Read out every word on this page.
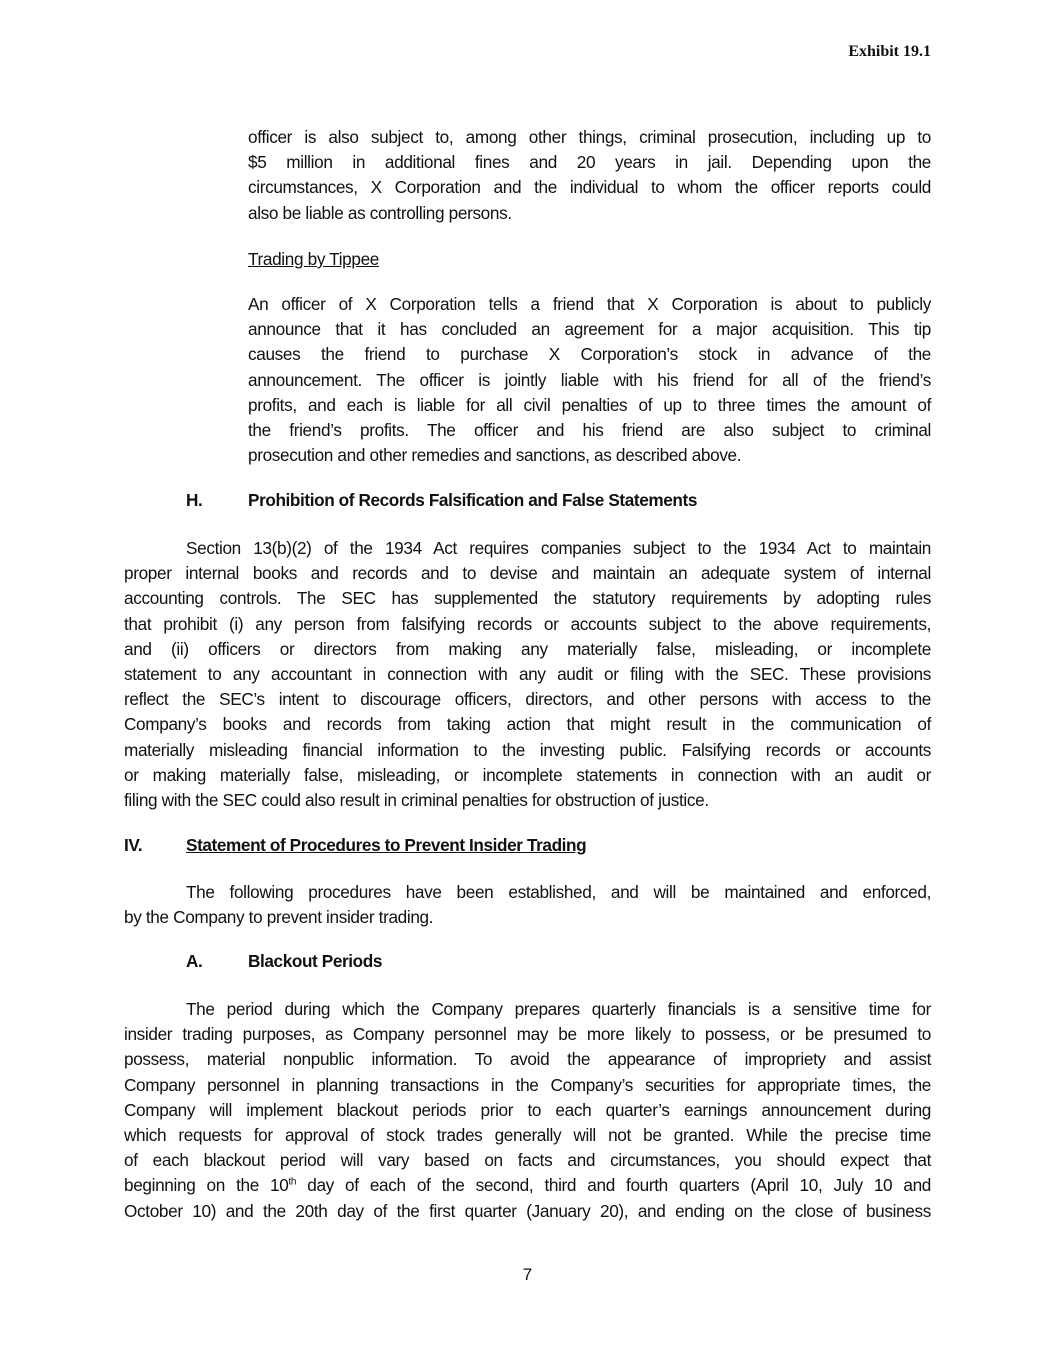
Exhibit 19.1
officer is also subject to, among other things, criminal prosecution, including up to
$5 million in additional fines and 20 years in jail. Depending upon the
circumstances, X Corporation and the individual to whom the officer reports could
also be liable as controlling persons.
Trading by Tippee
An officer of X Corporation tells a friend that X Corporation is about to publicly
announce that it has concluded an agreement for a major acquisition. This tip
causes the friend to purchase X Corporation’s stock in advance of the
announcement. The officer is jointly liable with his friend for all of the friend’s
profits, and each is liable for all civil penalties of up to three times the amount of
the friend’s profits. The officer and his friend are also subject to criminal
prosecution and other remedies and sanctions, as described above.
H.	Prohibition of Records Falsification and False Statements
Section 13(b)(2) of the 1934 Act requires companies subject to the 1934 Act to maintain
proper internal books and records and to devise and maintain an adequate system of internal
accounting controls. The SEC has supplemented the statutory requirements by adopting rules
that prohibit (i) any person from falsifying records or accounts subject to the above requirements,
and (ii) officers or directors from making any materially false, misleading, or incomplete
statement to any accountant in connection with any audit or filing with the SEC. These provisions
reflect the SEC’s intent to discourage officers, directors, and other persons with access to the
Company’s books and records from taking action that might result in the communication of
materially misleading financial information to the investing public. Falsifying records or accounts
or making materially false, misleading, or incomplete statements in connection with an audit or
filing with the SEC could also result in criminal penalties for obstruction of justice.
IV.	Statement of Procedures to Prevent Insider Trading
The following procedures have been established, and will be maintained and enforced,
by the Company to prevent insider trading.
A.	Blackout Periods
The period during which the Company prepares quarterly financials is a sensitive time for
insider trading purposes, as Company personnel may be more likely to possess, or be presumed to
possess, material nonpublic information. To avoid the appearance of impropriety and assist
Company personnel in planning transactions in the Company’s securities for appropriate times, the
Company will implement blackout periods prior to each quarter’s earnings announcement during
which requests for approval of stock trades generally will not be granted. While the precise time
of each blackout period will vary based on facts and circumstances, you should expect that
beginning on the 10th day of each of the second, third and fourth quarters (April 10, July 10 and
October 10) and the 20th day of the first quarter (January 20), and ending on the close of business
7
